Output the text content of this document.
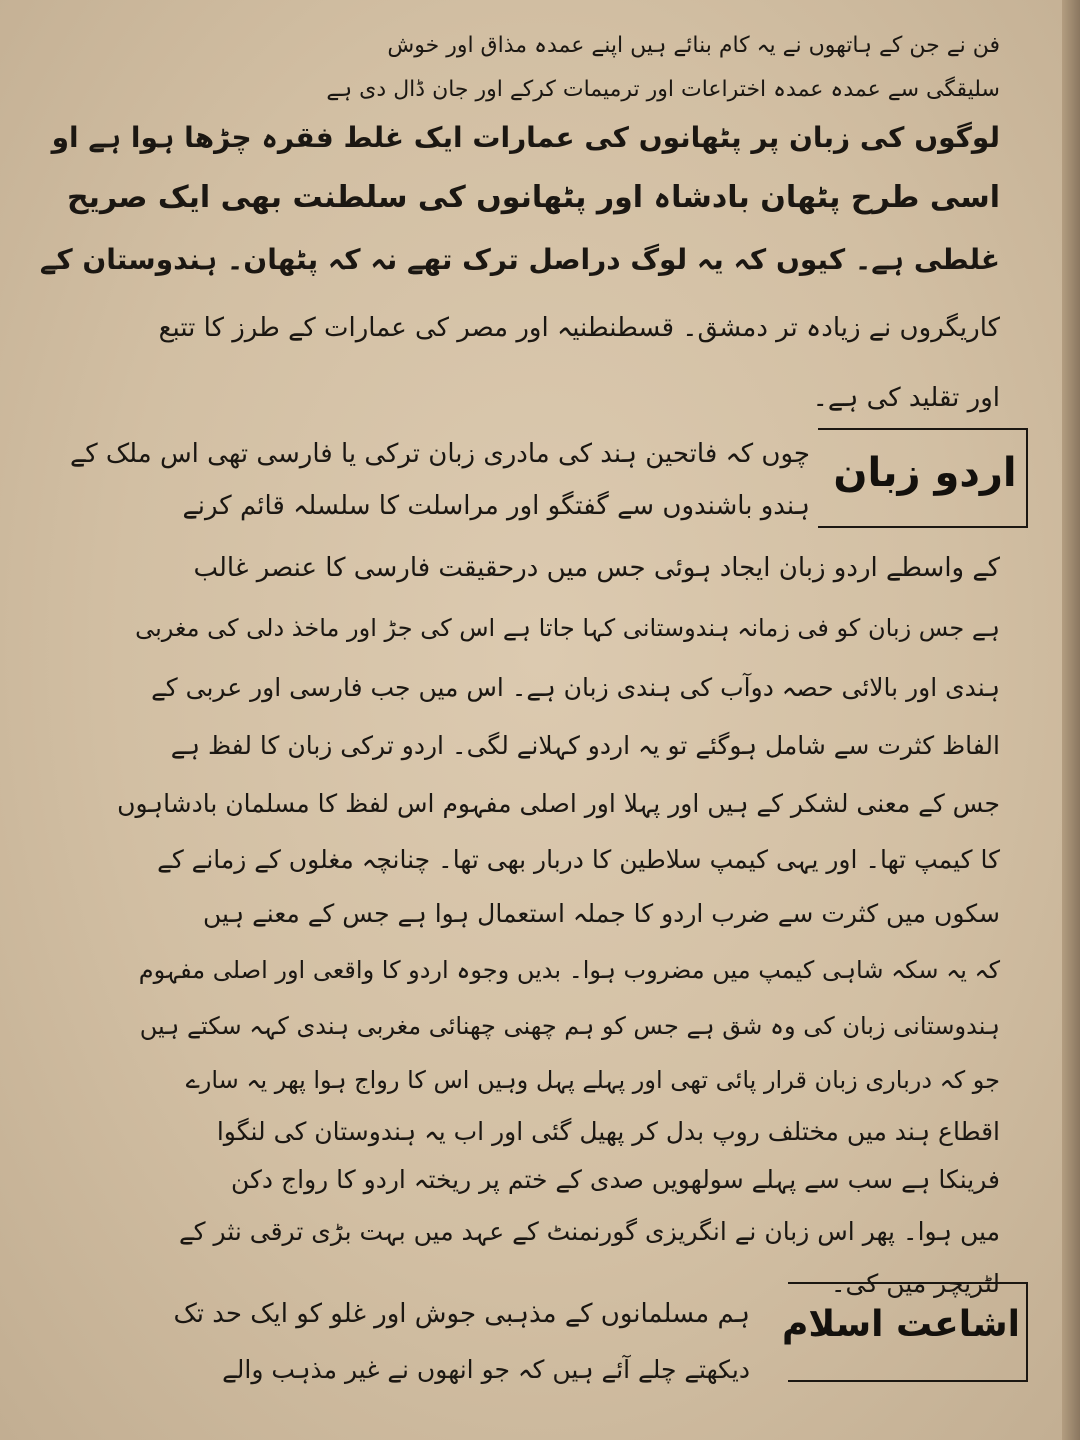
فن نے جن کے ہاتھوں نے یہ کام بنائے ہیں اپنے عمدہ مذاق اور خوش
سلیقگی سے عمدہ عمدہ اختراعات اور ترمیمات کرکے اور جان ڈال دی ہے
لوگوں کی زبان پر پٹھانوں کی عمارات ایک غلط فقرہ چڑھا ہوا ہے او
اسی طرح پٹھان بادشاہ اور پٹھانوں کی سلطنت بھی ایک صریح
غلطی ہے۔ کیوں کہ یہ لوگ دراصل ترک تھے نہ کہ پٹھان۔ ہندوستان کے
کاریگروں نے زیادہ تر دمشق۔ قسطنطنیہ اور مصر کی عمارات کے طرز کا تتبع
اور تقلید کی ہے۔
اردو زبان
چوں کہ فاتحین ہند کی مادری زبان ترکی یا فارسی تھی اس ملک کے
ہندو باشندوں سے گفتگو اور مراسلت کا سلسلہ قائم کرنے
کے واسطے اردو زبان ایجاد ہوئی جس میں درحقیقت فارسی کا عنصر غالب
ہے جس زبان کو فی زمانہ ہندوستانی کہا جاتا ہے اس کی جڑ اور ماخذ دلی کی مغربی
ہندی اور بالائی حصہ دوآب کی ہندی زبان ہے۔ اس میں جب فارسی اور عربی کے
الفاظ کثرت سے شامل ہوگئے تو یہ اردو کہلانے لگی۔ اردو ترکی زبان کا لفظ ہے
جس کے معنی لشکر کے ہیں اور پہلا اور اصلی مفہوم اس لفظ کا مسلمان بادشاہوں
کا کیمپ تھا۔ اور یہی کیمپ سلاطین کا دربار بھی تھا۔ چنانچہ مغلوں کے زمانے کے
سکوں میں کثرت سے ضرب اردو کا جملہ استعمال ہوا ہے جس کے معنے ہیں
کہ یہ سکہ شاہی کیمپ میں مضروب ہوا۔ بدیں وجوہ اردو کا واقعی اور اصلی مفہوم
ہندوستانی زبان کی وہ شق ہے جس کو ہم چھنی چھنائی مغربی ہندی کہہ سکتے ہیں
جو کہ درباری زبان قرار پائی تھی اور پہلے پہل وہیں اس کا رواج ہوا پھر یہ سارے
اقطاع ہند میں مختلف روپ بدل کر پھیل گئی اور اب یہ ہندوستان کی لنگوا
فرینکا ہے سب سے پہلے سولھویں صدی کے ختم پر ریختہ اردو کا رواج دکن
میں ہوا۔ پھر اس زبان نے انگریزی گورنمنٹ کے عہد میں بہت بڑی ترقی نثر کے
لٹریچر میں کی۔
اشاعت اسلام
ہم مسلمانوں کے مذہبی جوش اور غلو کو ایک حد تک
دیکھتے چلے آئے ہیں کہ جو انھوں نے غیر مذہب والے
